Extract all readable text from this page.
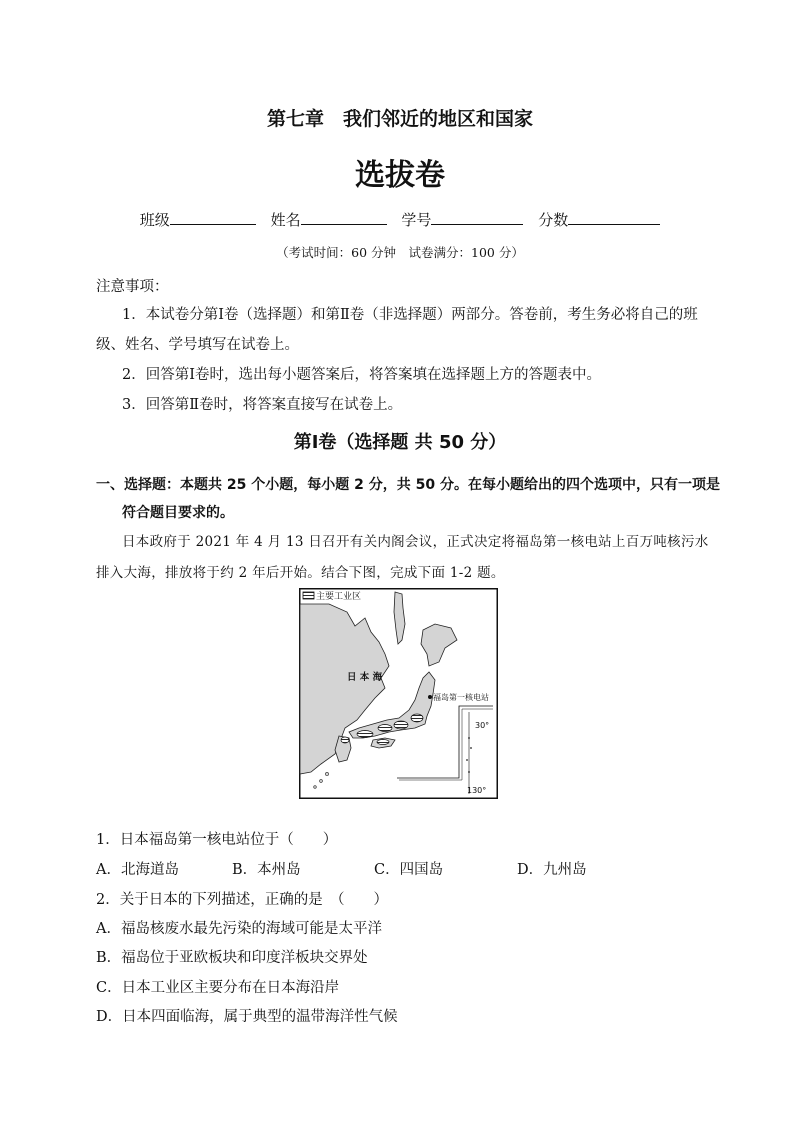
第七章　我们邻近的地区和国家
选拔卷
班级	姓名	学号	分数
（考试时间：60 分钟　试卷满分：100 分）
注意事项：
1．本试卷分第Ⅰ卷（选择题）和第Ⅱ卷（非选择题）两部分。答卷前，考生务必将自己的班
级、姓名、学号填写在试卷上。
2．回答第Ⅰ卷时，选出每小题答案后，将答案填在选择题上方的答题表中。
3．回答第Ⅱ卷时，将答案直接写在试卷上。
第Ⅰ卷（选择题 共 50 分）
一、选择题：本题共 25 个小题，每小题 2 分，共 50 分。在每小题给出的四个选项中，只有一项是
符合题目要求的。
日本政府于 2021 年 4 月 13 日召开有关内阁会议，正式决定将福岛第一核电站上百万吨核污水
排入大海，排放将于约 2 年后开始。结合下图，完成下面 1-2 题。
主要工业区
日 本 海
福岛第一核电站
30°
130°
1．日本福岛第一核电站位于（　　）
A．北海道岛	B．本州岛	C．四国岛	D．九州岛
2．关于日本的下列描述，正确的是　（　　）
A．福岛核废水最先污染的海域可能是太平洋
B．福岛位于亚欧板块和印度洋板块交界处
C．日本工业区主要分布在日本海沿岸
D．日本四面临海，属于典型的温带海洋性气候
